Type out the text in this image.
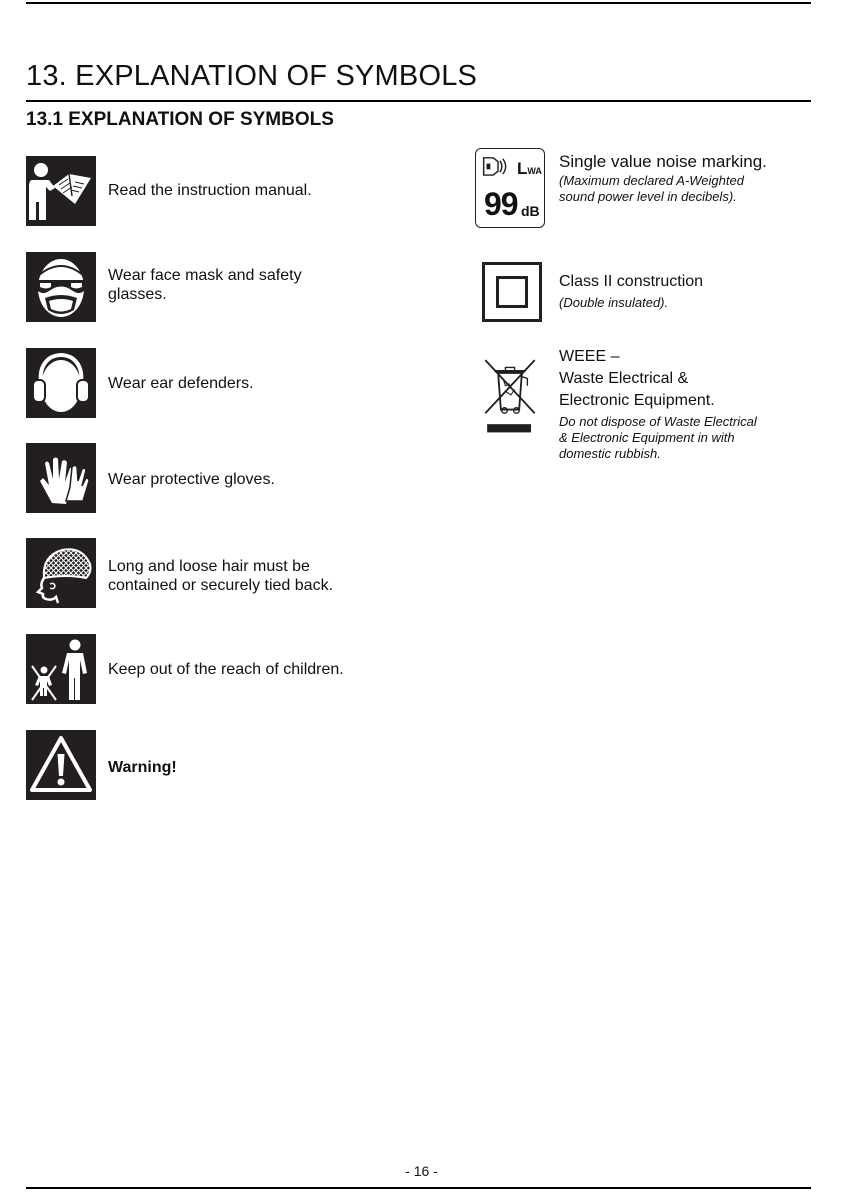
13. EXPLANATION OF SYMBOLS
13.1 EXPLANATION OF SYMBOLS
Read the instruction manual.
Wear face mask and safety
glasses.
Wear ear defenders.
Wear protective gloves.
Long and loose hair must be
contained or securely tied back.
Keep out of the reach of children.
Warning!
LWA
99 dB
Single value noise marking.
(Maximum declared A-Weighted
sound power level in decibels).
Class II construction
(Double insulated).
WEEE –
Waste Electrical &
Electronic Equipment.
Do not dispose of Waste Electrical
& Electronic Equipment in with
domestic rubbish.
- 16 -
